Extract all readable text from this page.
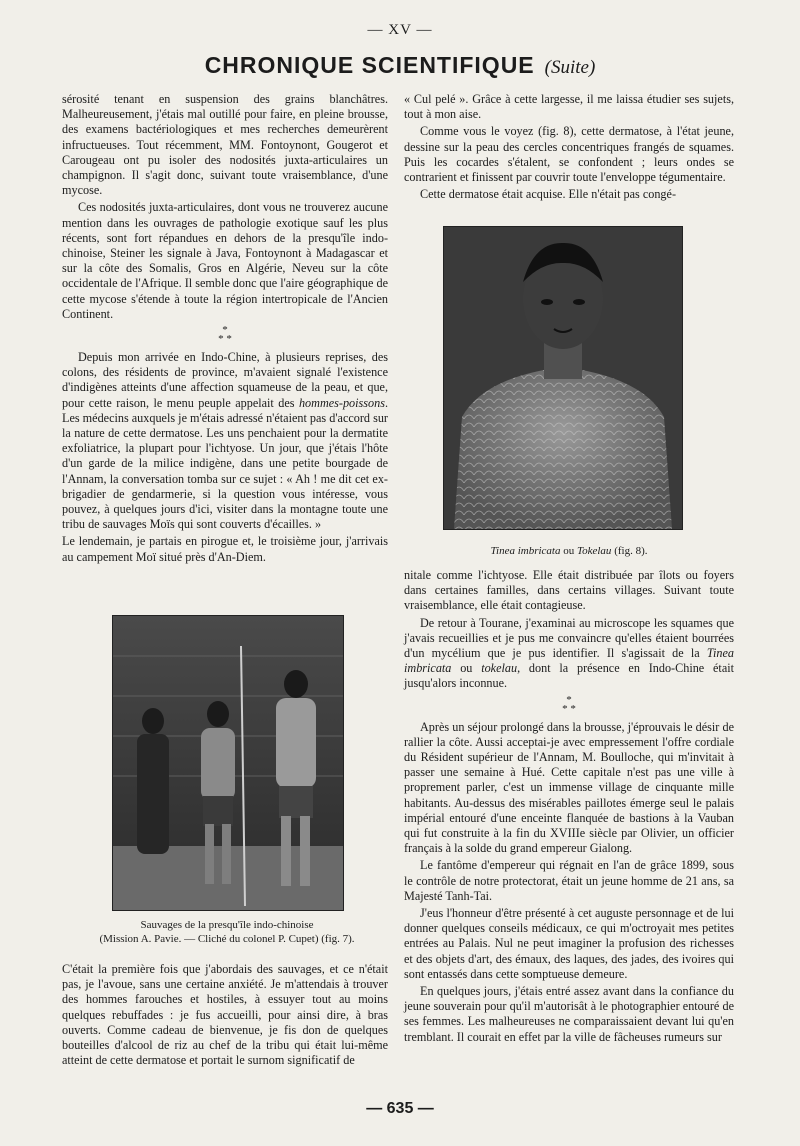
— XV —
CHRONIQUE SCIENTIFIQUE (Suite)

sérosité tenant en suspension des grains blanchâtres. Malheureusement, j'étais mal outillé pour faire, en pleine brousse, des examens bactériologiques et mes recherches demeurèrent infructueuses. Tout récemment, MM. Fontoynont, Gougerot et Carougeau ont pu isoler des nodosités juxta-articulaires un champignon. Il s'agit donc, suivant toute vraisemblance, d'une mycose.

Ces nodosités juxta-articulaires, dont vous ne trouverez aucune mention dans les ouvrages de pathologie exotique sauf les plus récents, sont fort répandues en dehors de la presqu'île indo-chinoise, Steiner les signale à Java, Fontoynont à Madagascar et sur la côte des Somalis, Gros en Algérie, Neveu sur la côte occidentale de l'Afrique. Il semble donc que l'aire géographique de cette mycose s'étende à toute la région intertropicale de l'Ancien Continent.

*
* *

Depuis mon arrivée en Indo-Chine, à plusieurs reprises, des colons, des résidents de province, m'avaient signalé l'existence d'indigènes atteints d'une affection squameuse de la peau, et que, pour cette raison, le menu peuple appelait des hommes-poissons. Les médecins auxquels je m'étais adressé n'étaient pas d'accord sur la nature de cette dermatose. Les uns penchaient pour la dermatite exfoliatrice, la plupart pour l'ichtyose. Un jour, que j'étais l'hôte d'un garde de la milice indigène, dans une petite bourgade de l'Annam, la conversation tomba sur ce sujet : « Ah ! me dit cet ex-brigadier de gendarmerie, si la question vous intéresse, vous pouvez, à quelques jours d'ici, visiter dans la montagne toute une tribu de sauvages Moïs qui sont couverts d'écailles. »

Le lendemain, je partais en pirogue et, le troisième jour, j'arrivais au campement Moï situé près d'An-Diem.

Sauvages de la presqu'île indo-chinoise
(Mission A. Pavie. — Cliché du colonel P. Cupet) (fig. 7).

C'était la première fois que j'abordais des sauvages, et ce n'était pas, je l'avoue, sans une certaine anxiété. Je m'attendais à trouver des hommes farouches et hostiles, à essuyer tout au moins quelques rebuffades : je fus accueilli, pour ainsi dire, à bras ouverts. Comme cadeau de bienvenue, je fis don de quelques bouteilles d'alcool de riz au chef de la tribu qui était lui-même atteint de cette dermatose et portait le surnom significatif de

« Cul pelé ». Grâce à cette largesse, il me laissa étudier ses sujets, tout à mon aise.

Comme vous le voyez (fig. 8), cette dermatose, à l'état jeune, dessine sur la peau des cercles concentriques frangés de squames. Puis les cocardes s'étalent, se confondent ; leurs ondes se contrarient et finissent par couvrir toute l'enveloppe tégumentaire.

Cette dermatose était acquise. Elle n'était pas congé-

Tinea imbricata ou Tokelau (fig. 8).

nitale comme l'ichtyose. Elle était distribuée par îlots ou foyers dans certaines familles, dans certains villages. Suivant toute vraisemblance, elle était contagieuse.

De retour à Tourane, j'examinai au microscope les squames que j'avais recueillies et je pus me convaincre qu'elles étaient bourrées d'un mycélium que je pus identifier. Il s'agissait de la Tinea imbricata ou tokelau, dont la présence en Indo-Chine était jusqu'alors inconnue.

*
* *

Après un séjour prolongé dans la brousse, j'éprouvais le désir de rallier la côte. Aussi acceptai-je avec empressement l'offre cordiale du Résident supérieur de l'Annam, M. Boulloche, qui m'invitait à passer une semaine à Hué. Cette capitale n'est pas une ville à proprement parler, c'est un immense village de cinquante mille habitants. Au-dessus des misérables paillotes émerge seul le palais impérial entouré d'une enceinte flanquée de bastions à la Vauban qui fut construite à la fin du XVIIIe siècle par Olivier, un officier français à la solde du grand empereur Gialong.

Le fantôme d'empereur qui régnait en l'an de grâce 1899, sous le contrôle de notre protectorat, était un jeune homme de 21 ans, sa Majesté Tanh-Tai.

J'eus l'honneur d'être présenté à cet auguste personnage et de lui donner quelques conseils médicaux, ce qui m'octroyait mes petites entrées au Palais. Nul ne peut imaginer la profusion des richesses et des objets d'art, des émaux, des laques, des jades, des ivoires qui sont entassés dans cette somptueuse demeure.

En quelques jours, j'étais entré assez avant dans la confiance du jeune souverain pour qu'il m'autorisât à le photographier entouré de ses femmes. Les malheureuses ne comparaissaient devant lui qu'en tremblant. Il courait en effet par la ville de fâcheuses rumeurs sur

— 635 —
